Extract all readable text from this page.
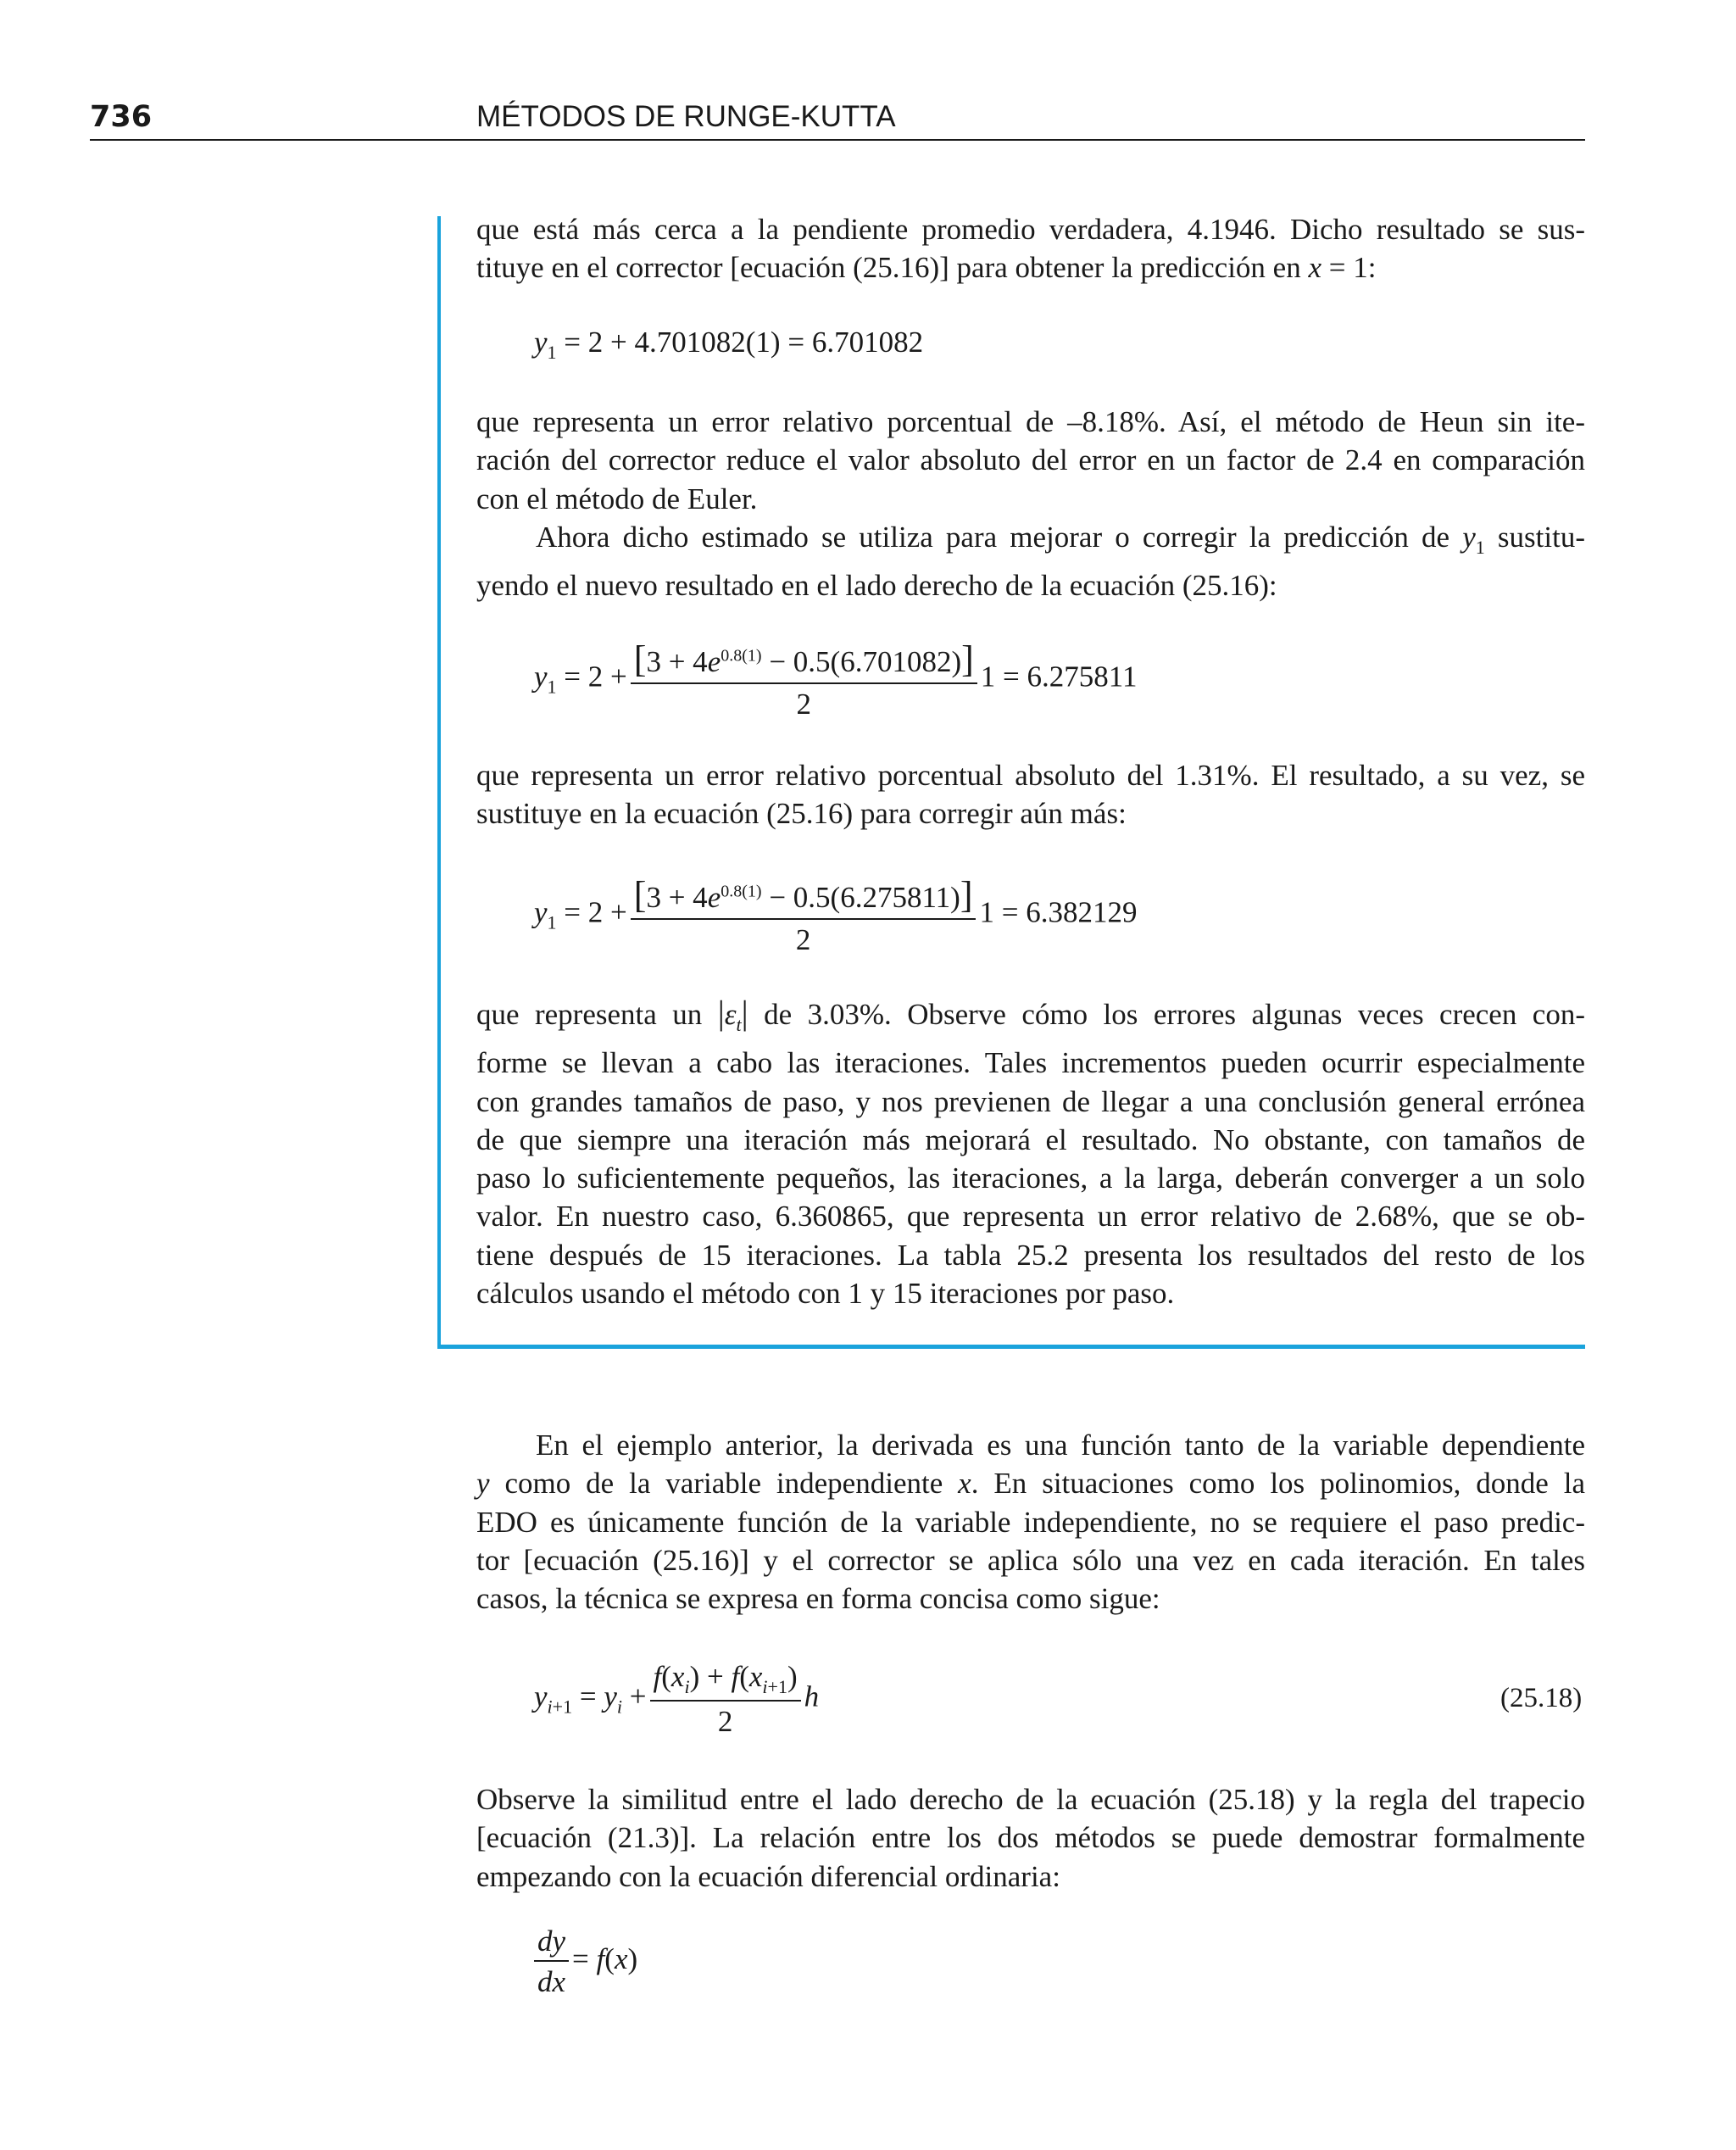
736	MÉTODOS DE RUNGE-KUTTA
que está más cerca a la pendiente promedio verdadera, 4.1946. Dicho resultado se sus-
tituye en el corrector [ecuación (25.16)] para obtener la predicción en x = 1:
$y_1 = 2 + 4.701082(1) = 6.701082$
que representa un error relativo porcentual de –8.18%. Así, el método de Heun sin ite-
ración del corrector reduce el valor absoluto del error en un factor de 2.4 en comparación
con el método de Euler.
Ahora dicho estimado se utiliza para mejorar o corregir la predicción de $y_1$ sustitu-
yendo el nuevo resultado en el lado derecho de la ecuación (25.16):
$y_1 = 2 + \frac{[3 + 4e^{0.8(1)} - 0.5(6.701082)]}{2} 1 = 6.275811$
que representa un error relativo porcentual absoluto del 1.31%. El resultado, a su vez, se
sustituye en la ecuación (25.16) para corregir aún más:
$y_1 = 2 + \frac{[3 + 4e^{0.8(1)} - 0.5(6.275811)]}{2} 1 = 6.382129$
que representa un $|\varepsilon_t|$ de 3.03%. Observe cómo los errores algunas veces crecen con-
forme se llevan a cabo las iteraciones. Tales incrementos pueden ocurrir especialmente
con grandes tamaños de paso, y nos previenen de llegar a una conclusión general errónea
de que siempre una iteración más mejorará el resultado. No obstante, con tamaños de
paso lo suficientemente pequeños, las iteraciones, a la larga, deberán converger a un solo
valor. En nuestro caso, 6.360865, que representa un error relativo de 2.68%, que se ob-
tiene después de 15 iteraciones. La tabla 25.2 presenta los resultados del resto de los
cálculos usando el método con 1 y 15 iteraciones por paso.
En el ejemplo anterior, la derivada es una función tanto de la variable dependiente
y como de la variable independiente x. En situaciones como los polinomios, donde la
EDO es únicamente función de la variable independiente, no se requiere el paso predic-
tor [ecuación (25.16)] y el corrector se aplica sólo una vez en cada iteración. En tales
casos, la técnica se expresa en forma concisa como sigue:
$y_{i+1} = y_i + \frac{f(x_i) + f(x_{i+1})}{2}$ h	(25.18)
Observe la similitud entre el lado derecho de la ecuación (25.18) y la regla del trapecio
[ecuación (21.3)]. La relación entre los dos métodos se puede demostrar formalmente
empezando con la ecuación diferencial ordinaria:
$\frac{dy}{dx} = f(x)$
